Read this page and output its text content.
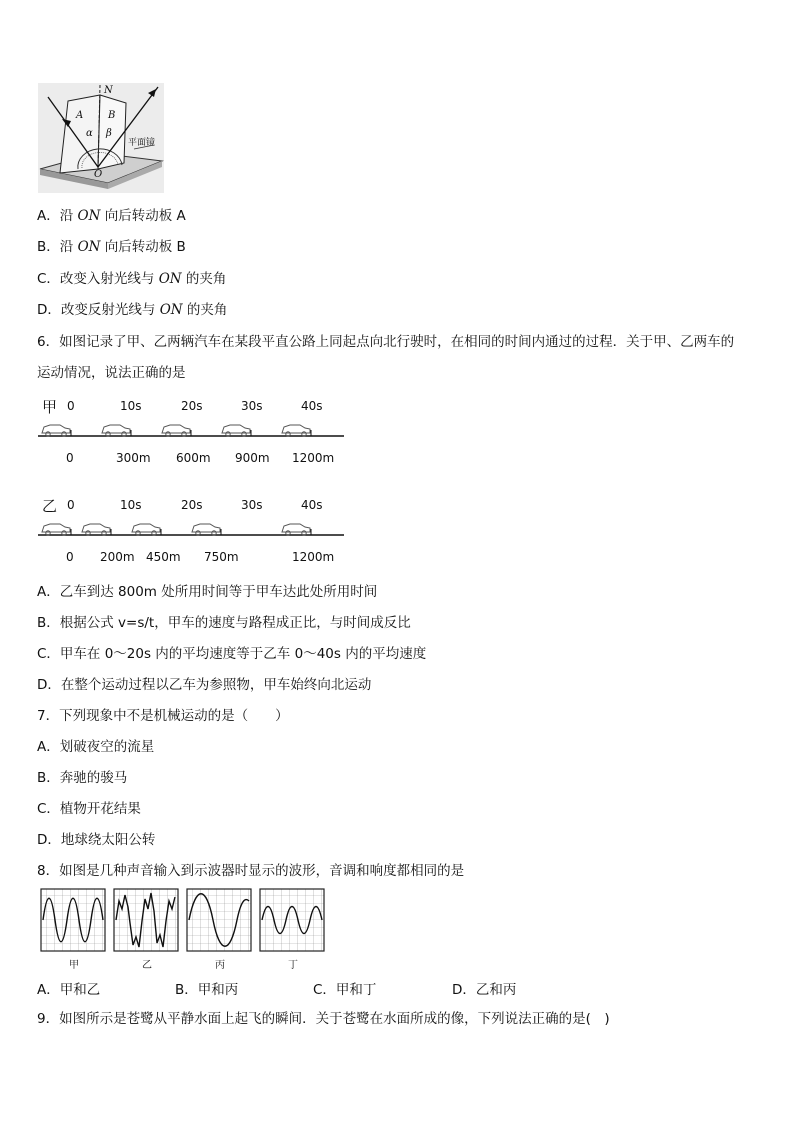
N
A B
α β
O
平面镜
A．沿 ON 向后转动板 A
B．沿 ON 向后转动板 B
C．改变入射光线与 ON 的夹角
D．改变反射光线与 ON 的夹角
6．如图记录了甲、乙两辆汽车在某段平直公路上同起点向北行驶时，在相同的时间内通过的过程．关于甲、乙两车的
运动情况，说法正确的是
甲 0	10s	20s	30s	40s
0	300m 600m 900m 1200m
乙 0	10s	20s	30s	40s
0 200m 450m 750m	1200m
A．乙车到达 800m 处所用时间等于甲车达此处所用时间
B．根据公式 v=s/t，甲车的速度与路程成正比，与时间成反比
C．甲车在 0～20s 内的平均速度等于乙车 0～40s 内的平均速度
D．在整个运动过程以乙车为参照物，甲车始终向北运动
7．下列现象中不是机械运动的是（　　）
A．划破夜空的流星
B．奔驰的骏马
C．植物开花结果
D．地球绕太阳公转
8．如图是几种声音输入到示波器时显示的波形，音调和响度都相同的是
甲	乙	丙	丁
A．甲和乙	B．甲和丙	C．甲和丁	D．乙和丙
9．如图所示是苍鹭从平静水面上起飞的瞬间．关于苍鹭在水面所成的像，下列说法正确的是(　)
